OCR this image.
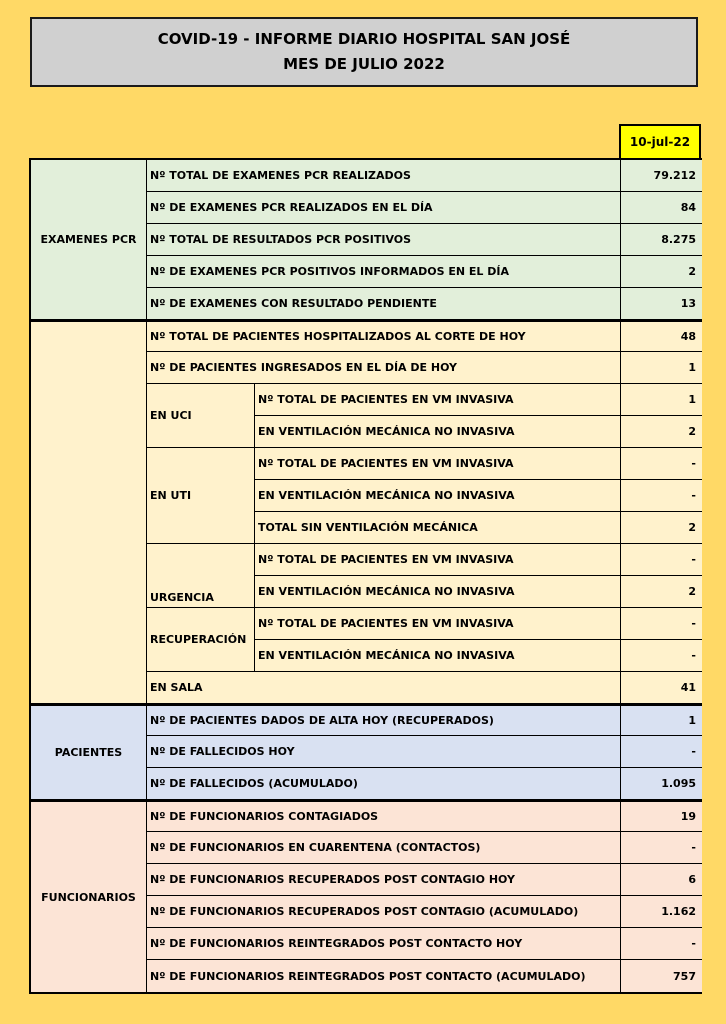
COVID-19 - INFORME DIARIO HOSPITAL SAN JOSÉ
MES DE JULIO 2022
10-jul-22
EXAMENES PCR
Nº TOTAL DE EXAMENES PCR REALIZADOS	79.212
Nº DE EXAMENES PCR REALIZADOS EN EL DÍA	84
Nº TOTAL DE RESULTADOS PCR POSITIVOS	8.275
Nº DE EXAMENES PCR POSITIVOS INFORMADOS EN EL DÍA	2
Nº DE EXAMENES CON RESULTADO PENDIENTE	13
Nº TOTAL DE PACIENTES HOSPITALIZADOS AL CORTE DE HOY	48
Nº DE PACIENTES INGRESADOS EN EL DÍA DE HOY	1
EN UCI
Nº TOTAL DE PACIENTES EN VM INVASIVA	1
EN VENTILACIÓN MECÁNICA NO INVASIVA	2
EN UTI
Nº TOTAL DE PACIENTES EN VM INVASIVA	-
EN VENTILACIÓN MECÁNICA NO INVASIVA	-
TOTAL SIN VENTILACIÓN MECÁNICA	2
URGENCIA
Nº TOTAL DE PACIENTES EN VM INVASIVA	-
EN VENTILACIÓN MECÁNICA NO INVASIVA	2
RECUPERACIÓN
Nº TOTAL DE PACIENTES EN VM INVASIVA	-
EN VENTILACIÓN MECÁNICA NO INVASIVA	-
EN SALA	41
PACIENTES
Nº DE PACIENTES DADOS DE ALTA HOY (RECUPERADOS)	1
Nº DE FALLECIDOS HOY	-
Nº DE FALLECIDOS (ACUMULADO)	1.095
FUNCIONARIOS
Nº DE FUNCIONARIOS CONTAGIADOS	19
Nº DE FUNCIONARIOS EN CUARENTENA (CONTACTOS)	-
Nº DE FUNCIONARIOS RECUPERADOS POST CONTAGIO HOY	6
Nº DE FUNCIONARIOS RECUPERADOS POST CONTAGIO (ACUMULADO)	1.162
Nº DE FUNCIONARIOS REINTEGRADOS POST CONTACTO HOY	-
Nº DE FUNCIONARIOS REINTEGRADOS POST CONTACTO (ACUMULADO)	757
